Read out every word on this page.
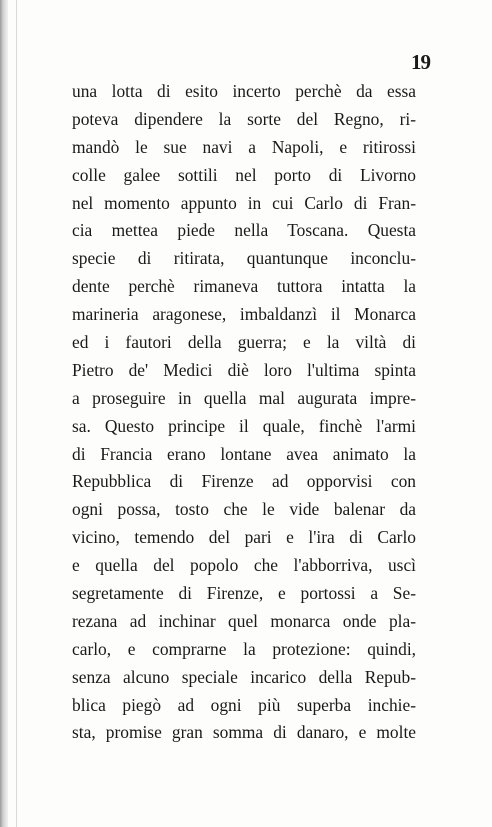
19
una lotta di esito incerto perchè da essa
poteva dipendere la sorte del Regno, ri-
mandò le sue navi a Napoli, e ritirossi
colle galee sottili nel porto di Livorno
nel momento appunto in cui Carlo di Fran-
cia mettea piede nella Toscana. Questa
specie di ritirata, quantunque inconclu-
dente perchè rimaneva tuttora intatta la
marineria aragonese, imbaldanzì il Monarca
ed i fautori della guerra; e la viltà di
Pietro de' Medici diè loro l'ultima spinta
a proseguire in quella mal augurata impre-
sa. Questo principe il quale, finchè l'armi
di Francia erano lontane avea animato la
Repubblica di Firenze ad opporvisi con
ogni possa, tosto che le vide balenar da
vicino, temendo del pari e l'ira di Carlo
e quella del popolo che l'abborriva, uscì
segretamente di Firenze, e portossi a Se-
rezana ad inchinar quel monarca onde pla-
carlo, e comprarne la protezione: quindi,
senza alcuno speciale incarico della Repub-
blica piegò ad ogni più superba inchie-
sta, promise gran somma di danaro, e molte
